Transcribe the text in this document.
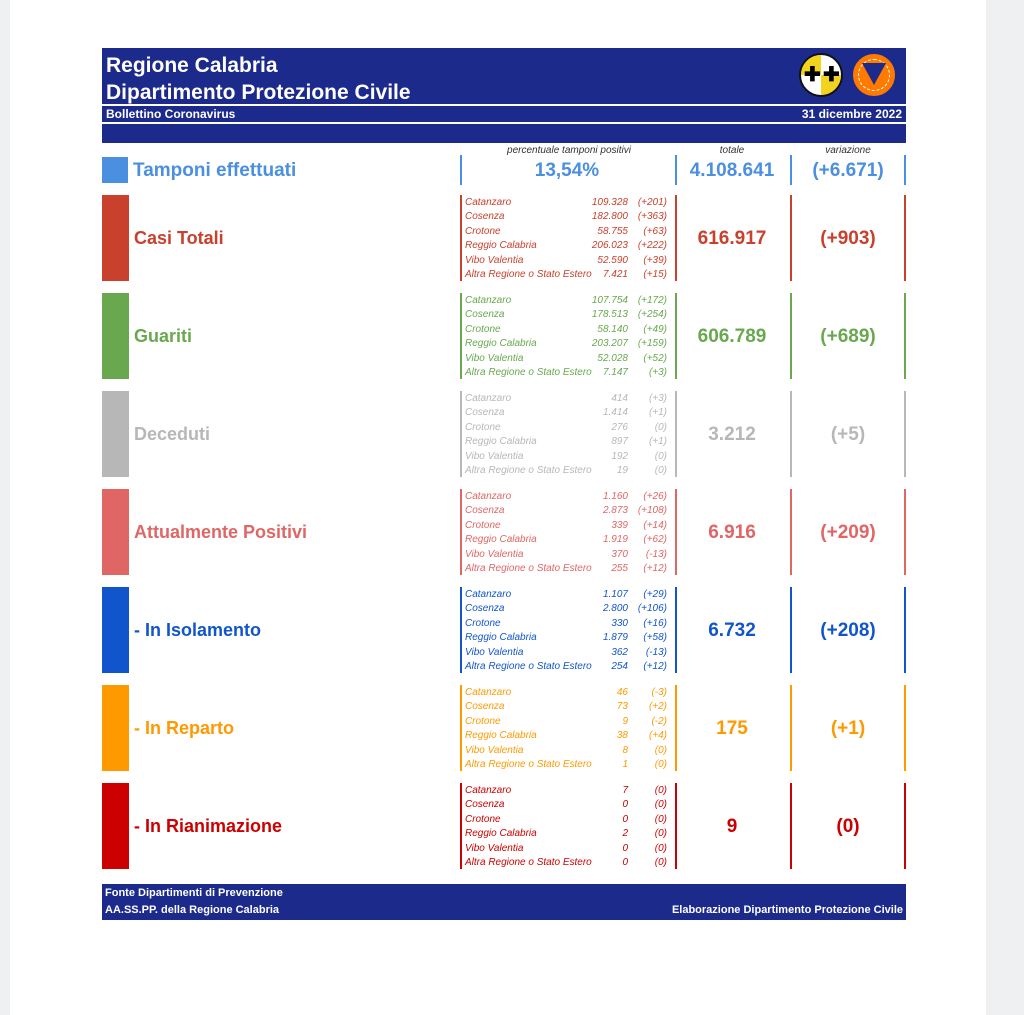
Regione Calabria
Dipartimento Protezione Civile
✚ ✚
Bollettino Coronavirus	31 dicembre 2022
percentuale tamponi positivi	totale	variazione
Tamponi effettuati	13,54%	4.108.641	(+6.671)
Casi Totali
Catanzaro	109.328 (+201)
Cosenza	182.800 (+363)
Crotone	58.755 (+63)
Reggio Calabria	206.023 (+222)
Vibo Valentia	52.590 (+39)
Altra Regione o Stato Estero 7.421 (+15)
616.917	(+903)
Guariti
Catanzaro	107.754 (+172)
Cosenza	178.513 (+254)
Crotone	58.140 (+49)
Reggio Calabria	203.207 (+159)
Vibo Valentia	52.028 (+52)
Altra Regione o Stato Estero 7.147 (+3)
606.789	(+689)
Deceduti
Catanzaro	414 (+3)
Cosenza	1.414 (+1)
Crotone	276	(0)
Reggio Calabria	897 (+1)
Vibo Valentia	192	(0)
Altra Regione o Stato Estero	19	(0)
3.212	(+5)
Attualmente Positivi
Catanzaro	1.160 (+26)
Cosenza	2.873 (+108)
Crotone	339 (+14)
Reggio Calabria	1.919 (+62)
Vibo Valentia	370 (-13)
Altra Regione o Stato Estero 255 (+12)
6.916	(+209)
- In Isolamento
Catanzaro	1.107 (+29)
Cosenza	2.800 (+106)
Crotone	330 (+16)
Reggio Calabria	1.879 (+58)
Vibo Valentia	362 (-13)
Altra Regione o Stato Estero 254 (+12)
6.732	(+208)
- In Reparto
Catanzaro	46 (-3)
Cosenza	73 (+2)
Crotone	9 (-2)
Reggio Calabria	38 (+4)
Vibo Valentia	8	(0)
Altra Regione o Stato Estero	1	(0)
175	(+1)
- In Rianimazione
Catanzaro	7	(0)
Cosenza	0	(0)
Crotone	0	(0)
Reggio Calabria	2	(0)
Vibo Valentia	0	(0)
Altra Regione o Stato Estero	0	(0)
9	(0)
Fonte Dipartimenti di Prevenzione
AA.SS.PP. della Regione Calabria	Elaborazione Dipartimento Protezione Civile
